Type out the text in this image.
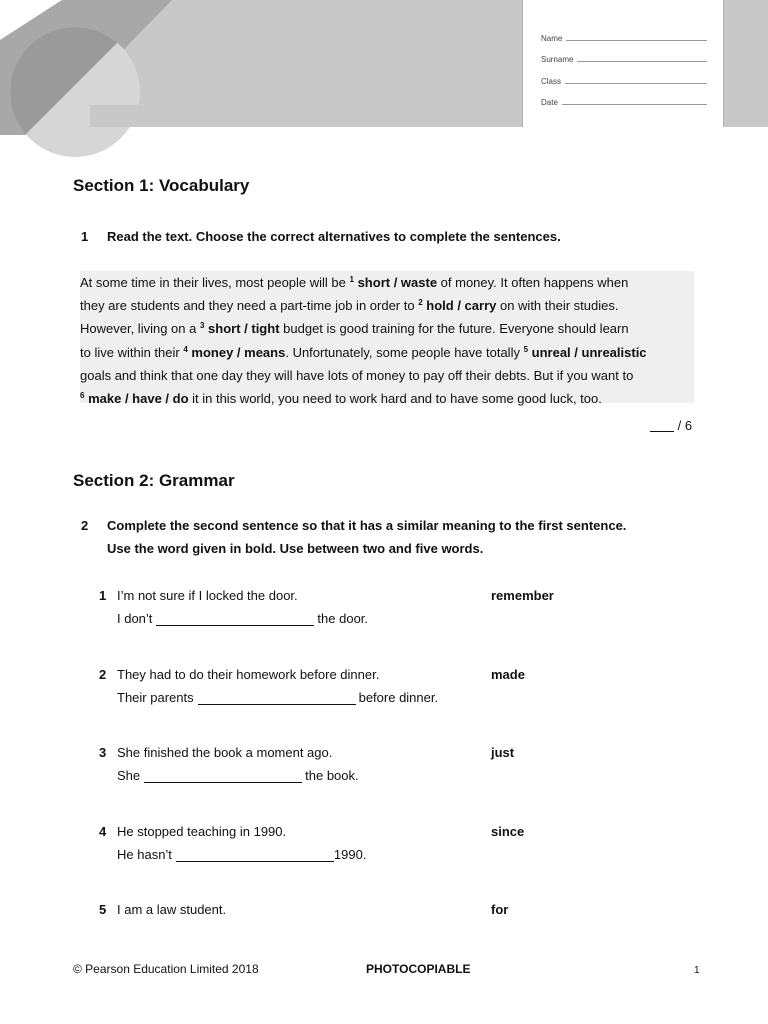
Name
Surname
Class
Date
Section 1: Vocabulary
1 Read the text. Choose the correct alternatives to complete the sentences.

At some time in their lives, most people will be $^1$ short / waste of money. It often happens when

they are students and they need a part-time job in order to $^2$ hold / carry on with their studies.

However, living on a $^3$ short / tight budget is good training for the future. Everyone should learn

to live within their $^4$ money / means. Unfortunately, some people have totally $^5$ unreal / unrealistic

goals and think that one day they will have lots of money to pay off their debts. But if you want to

$^6$ make / have / do it in this world, you need to work hard and to have some good luck, too.

/ 6
Section 2: Grammar
2 Complete the second sentence so that it has a similar meaning to the first sentence.
Use the word given in bold. Use between two and five words.
1 I’m not sure if I locked the door.
I don’t	the door.
remember
2 They had to do their homework before dinner.
Their parents	before dinner.
made
3 She finished the book a moment ago.
She	the book.
just
4 He stopped teaching in 1990.
He hasn’t	1990.
since
5 I am a law student.	for
© Pearson Education Limited 2018	PHOTOCOPIABLE	1
